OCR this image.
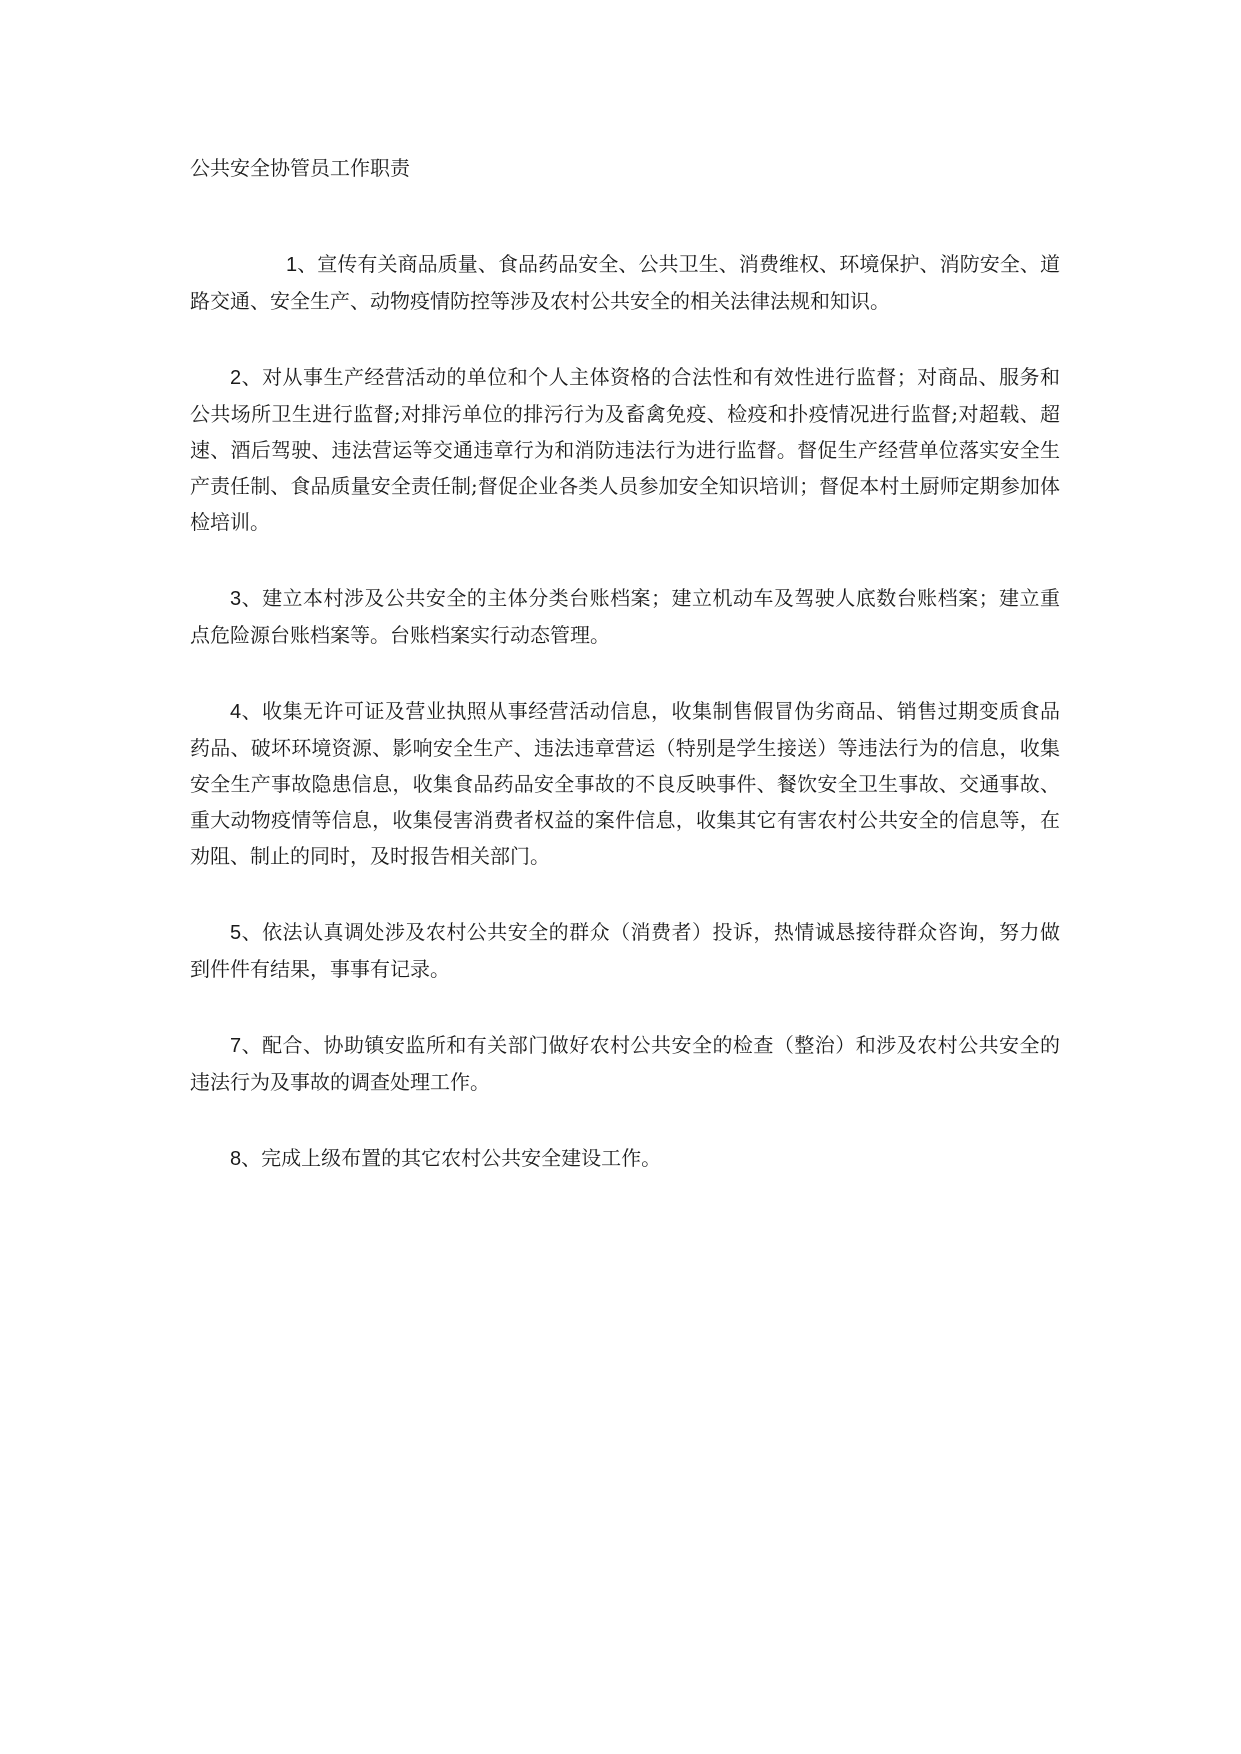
公共安全协管员工作职责

1、宣传有关商品质量、食品药品安全、公共卫生、消费维权、环境保护、消防安全、道路交通、安全生产、动物疫情防控等涉及农村公共安全的相关法律法规和知识。

2、对从事生产经营活动的单位和个人主体资格的合法性和有效性进行监督；对商品、服务和公共场所卫生进行监督;对排污单位的排污行为及畜禽免疫、检疫和扑疫情况进行监督;对超载、超速、酒后驾驶、违法营运等交通违章行为和消防违法行为进行监督。督促生产经营单位落实安全生产责任制、食品质量安全责任制;督促企业各类人员参加安全知识培训；督促本村土厨师定期参加体检培训。

3、建立本村涉及公共安全的主体分类台账档案；建立机动车及驾驶人底数台账档案；建立重点危险源台账档案等。台账档案实行动态管理。

4、收集无许可证及营业执照从事经营活动信息，收集制售假冒伪劣商品、销售过期变质食品药品、破坏环境资源、影响安全生产、违法违章营运（特别是学生接送）等违法行为的信息，收集安全生产事故隐患信息，收集食品药品安全事故的不良反映事件、餐饮安全卫生事故、交通事故、重大动物疫情等信息，收集侵害消费者权益的案件信息，收集其它有害农村公共安全的信息等，在劝阻、制止的同时，及时报告相关部门。

5、依法认真调处涉及农村公共安全的群众（消费者）投诉，热情诚恳接待群众咨询，努力做到件件有结果，事事有记录。

7、配合、协助镇安监所和有关部门做好农村公共安全的检查（整治）和涉及农村公共安全的违法行为及事故的调查处理工作。

8、完成上级布置的其它农村公共安全建设工作。
